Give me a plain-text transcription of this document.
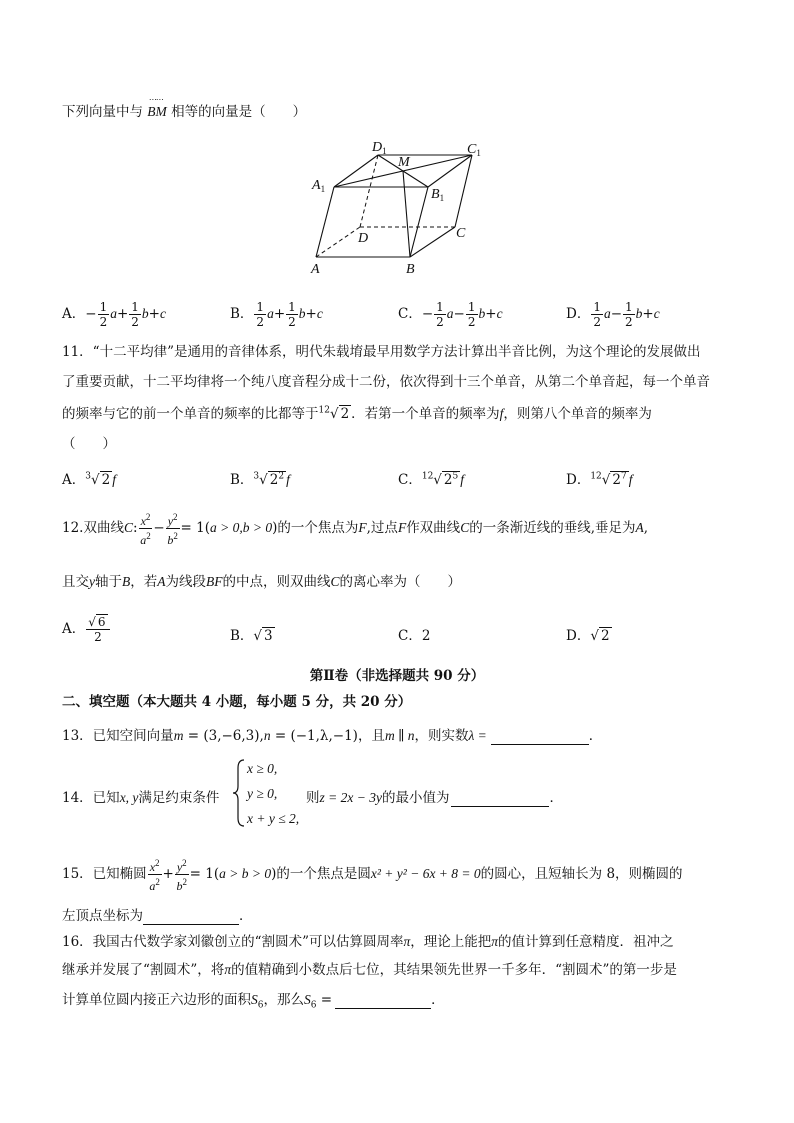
下列向量中与
⋯⋯
BM 相等的向量是（　　）
$D_1$
M
$C_1$
$A_1$	$B_1$
D	C
A	B
A．− $\frac{1}{2} a+ \frac{1}{2} b+c$	B． $\frac{1}{2} a+ \frac{1}{2} b+c$	C．− $\frac{1}{2} a- \frac{1}{2} b+c$	D． $\frac{1}{2} a- \frac{1}{2} b+c$
11．“十二平均律”是通用的音律体系，明代朱载堉最早用数学方法计算出半音比例，为这个理论的发展做出
了重要贡献，十二平均律将一个纯八度音程分成十二份，依次得到十三个单音，从第二个单音起，每一个单音
的频率与它的前一个单音的频率的比都等于$^{12}$√ 2 ．若第一个单音的频率为f，则第八个单音的频率为
（　　）
A．$^3$√ 2 f	B．$^3$√ $2^2$ f	C．$^{12}$√ $2^5$ f	D．$^{12}$√ $2^7$ f
12.双曲线C: $\frac{x^2}{a^2} - \frac{y^2}{b^2} = 1(a > 0,b > 0)$的一个焦点为F,过点F作双曲线C的一条渐近线的垂线,垂足为A,
且交y轴于B，若A为线段BF的中点，则双曲线C的离心率为（　　）
A． $\frac{√ 6}{2}$	B．√ 3	C．2	D．√ 2
第Ⅱ卷（非选择题共 90 分）
二、填空题（本大题共 4 小题，每小题 5 分，共 20 分）
13．已知空间向量m = (3,−6,3),n = (−1,λ,−1)，且m ∥ n，则实数λ =	．
14．已知x, y满足约束条件
x ≥ 0,
y ≥ 0,
x + y ≤ 2,
则z = 2x − 3y的最小值为	．
15．已知椭圆 $\frac{x^2}{a^2} + \frac{y^2}{b^2} = 1(a > b > 0)$的一个焦点是圆x² + y² − 6x + 8 = 0的圆心，且短轴长为 8，则椭圆的
左顶点坐标为	．
16．我国古代数学家刘徽创立的“割圆术”可以估算圆周率π，理论上能把π的值计算到任意精度．祖冲之
继承并发展了“割圆术”，将π的值精确到小数点后七位，其结果领先世界一千多年．“割圆术”的第一步是
计算单位圆内接正六边形的面积$S_6$，那么$S_6$ =	．
